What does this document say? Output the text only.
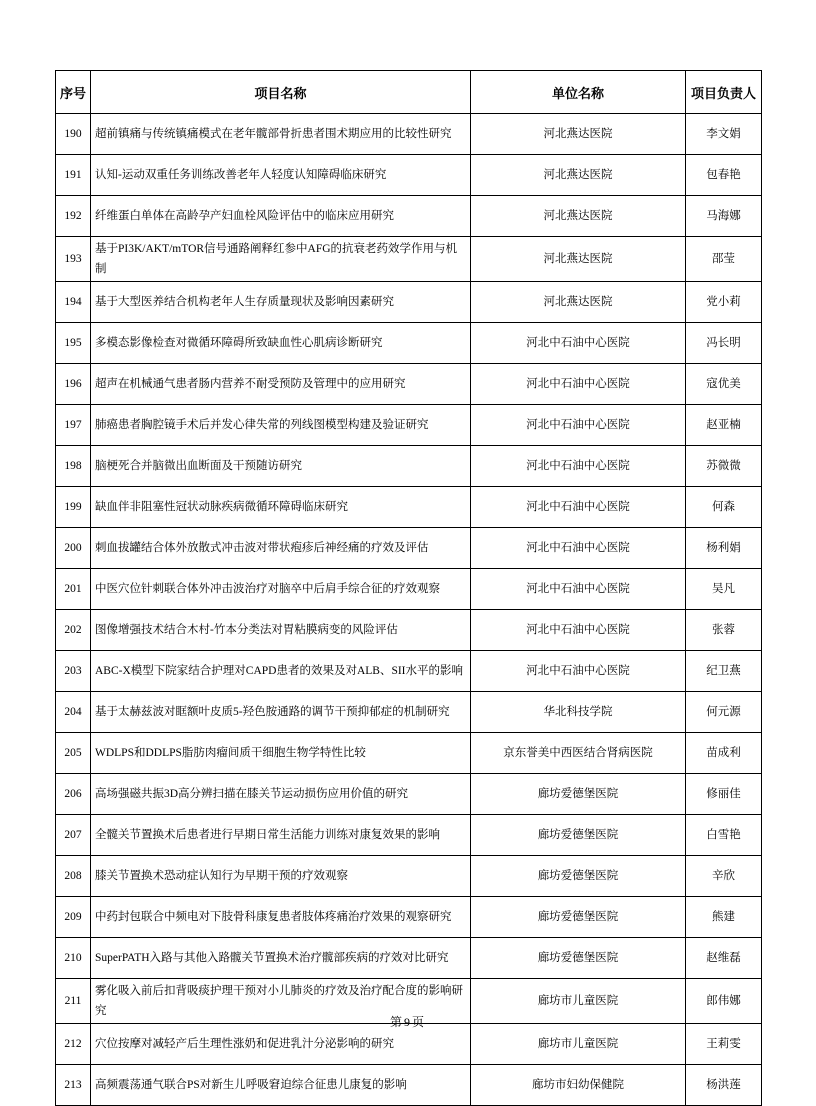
序号	项目名称	单位名称	项目负责人
190	超前镇痛与传统镇痛模式在老年髋部骨折患者围术期应用的比较性研究	河北燕达医院	李文娟
191	认知-运动双重任务训练改善老年人轻度认知障碍临床研究	河北燕达医院	包春艳
192	纤维蛋白单体在高龄孕产妇血栓风险评估中的临床应用研究	河北燕达医院	马海娜
193	基于PI3K/AKT/mTOR信号通路阐释红参中AFG的抗衰老药效学作用与机制	河北燕达医院	邵莹
194	基于大型医养结合机构老年人生存质量现状及影响因素研究	河北燕达医院	党小莉
195	多模态影像检查对微循环障碍所致缺血性心肌病诊断研究	河北中石油中心医院	冯长明
196	超声在机械通气患者肠内营养不耐受预防及管理中的应用研究	河北中石油中心医院	寇优美
197	肺癌患者胸腔镜手术后并发心律失常的列线图模型构建及验证研究	河北中石油中心医院	赵亚楠
198	脑梗死合并脑微出血断面及干预随访研究	河北中石油中心医院	苏微微
199	缺血伴非阻塞性冠状动脉疾病微循环障碍临床研究	河北中石油中心医院	何森
200	刺血拔罐结合体外放散式冲击波对带状疱疹后神经痛的疗效及评估	河北中石油中心医院	杨利娟
201	中医穴位针刺联合体外冲击波治疗对脑卒中后肩手综合征的疗效观察	河北中石油中心医院	吴凡
202	图像增强技术结合木村-竹本分类法对胃粘膜病变的风险评估	河北中石油中心医院	张蓉
203	ABC-X模型下院家结合护理对CAPD患者的效果及对ALB、SII水平的影响	河北中石油中心医院	纪卫燕
204	基于太赫兹波对眶额叶皮质5-羟色胺通路的调节干预抑郁症的机制研究	华北科技学院	何元源
205	WDLPS和DDLPS脂肪肉瘤间质干细胞生物学特性比较	京东誉美中西医结合肾病医院	苗成利
206	高场强磁共振3D高分辨扫描在膝关节运动损伤应用价值的研究	廊坊爱德堡医院	修丽佳
207	全髋关节置换术后患者进行早期日常生活能力训练对康复效果的影响	廊坊爱德堡医院	白雪艳
208	膝关节置换术恐动症认知行为早期干预的疗效观察	廊坊爱德堡医院	辛欣
209	中药封包联合中频电对下肢骨科康复患者肢体疼痛治疗效果的观察研究	廊坊爱德堡医院	熊建
210	SuperPATH入路与其他入路髋关节置换术治疗髋部疾病的疗效对比研究	廊坊爱德堡医院	赵维磊
211	雾化吸入前后扣背吸痰护理干预对小儿肺炎的疗效及治疗配合度的影响研究	廊坊市儿童医院	郎伟娜
212	穴位按摩对减轻产后生理性涨奶和促进乳汁分泌影响的研究	廊坊市儿童医院	王莉雯
213	高频震荡通气联合PS对新生儿呼吸窘迫综合征患儿康复的影响	廊坊市妇幼保健院	杨洪莲
第9页
